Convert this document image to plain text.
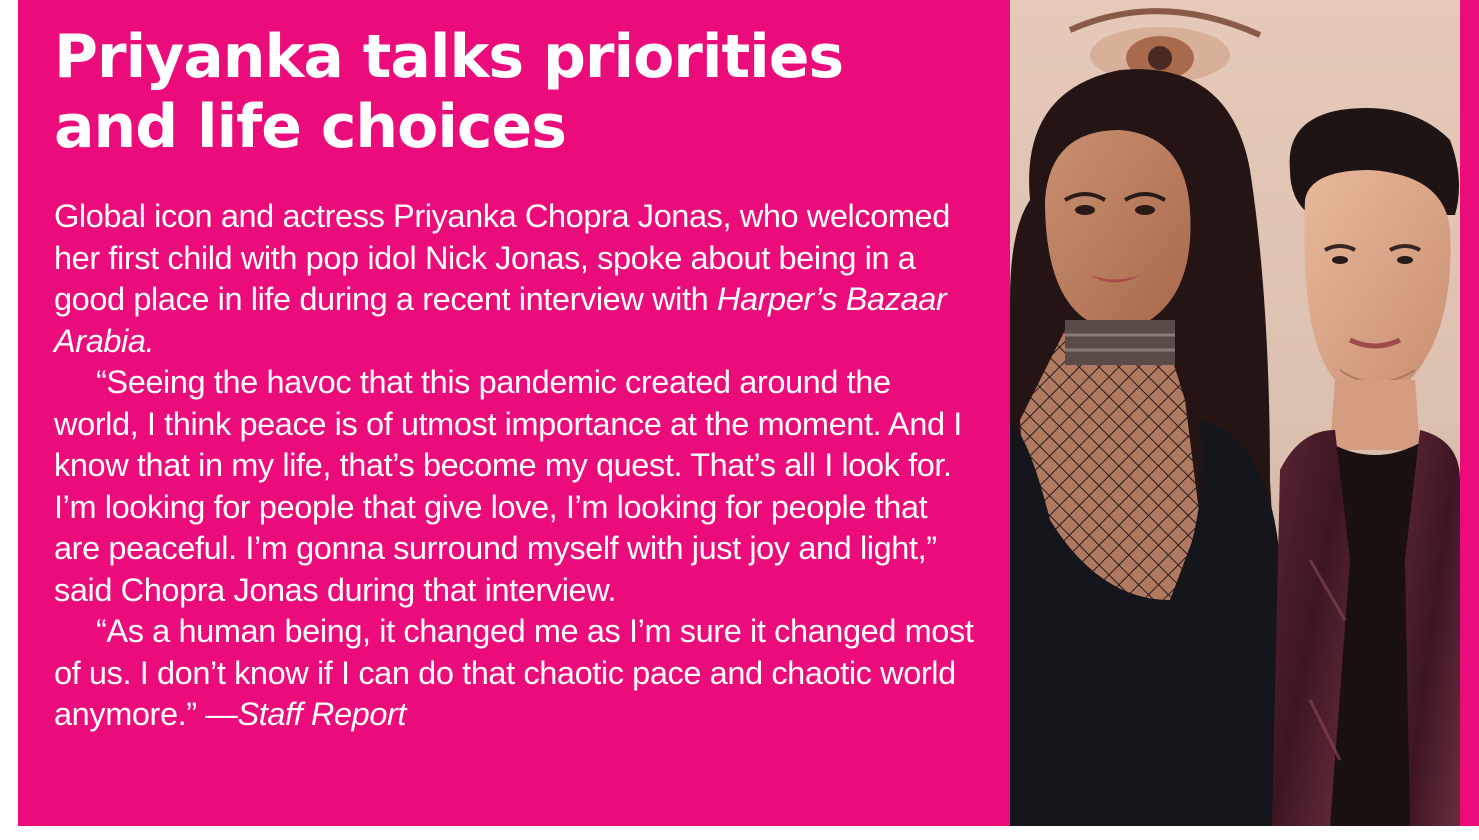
Priyanka talks priorities and life choices

Global icon and actress Priyanka Chopra Jonas, who welcomed her first child with pop idol Nick Jonas, spoke about being in a good place in life during a recent interview with Harper’s Bazaar Arabia.

“Seeing the havoc that this pandemic created around the world, I think peace is of utmost importance at the moment. And I know that in my life, that’s become my quest. That’s all I look for. I’m looking for people that give love, I’m looking for people that are peaceful. I’m gonna surround myself with just joy and light,” said Chopra Jonas during that interview.

“As a human being, it changed me as I’m sure it changed most of us. I don’t know if I can do that chaotic pace and chaotic world anymore.” —Staff Report
